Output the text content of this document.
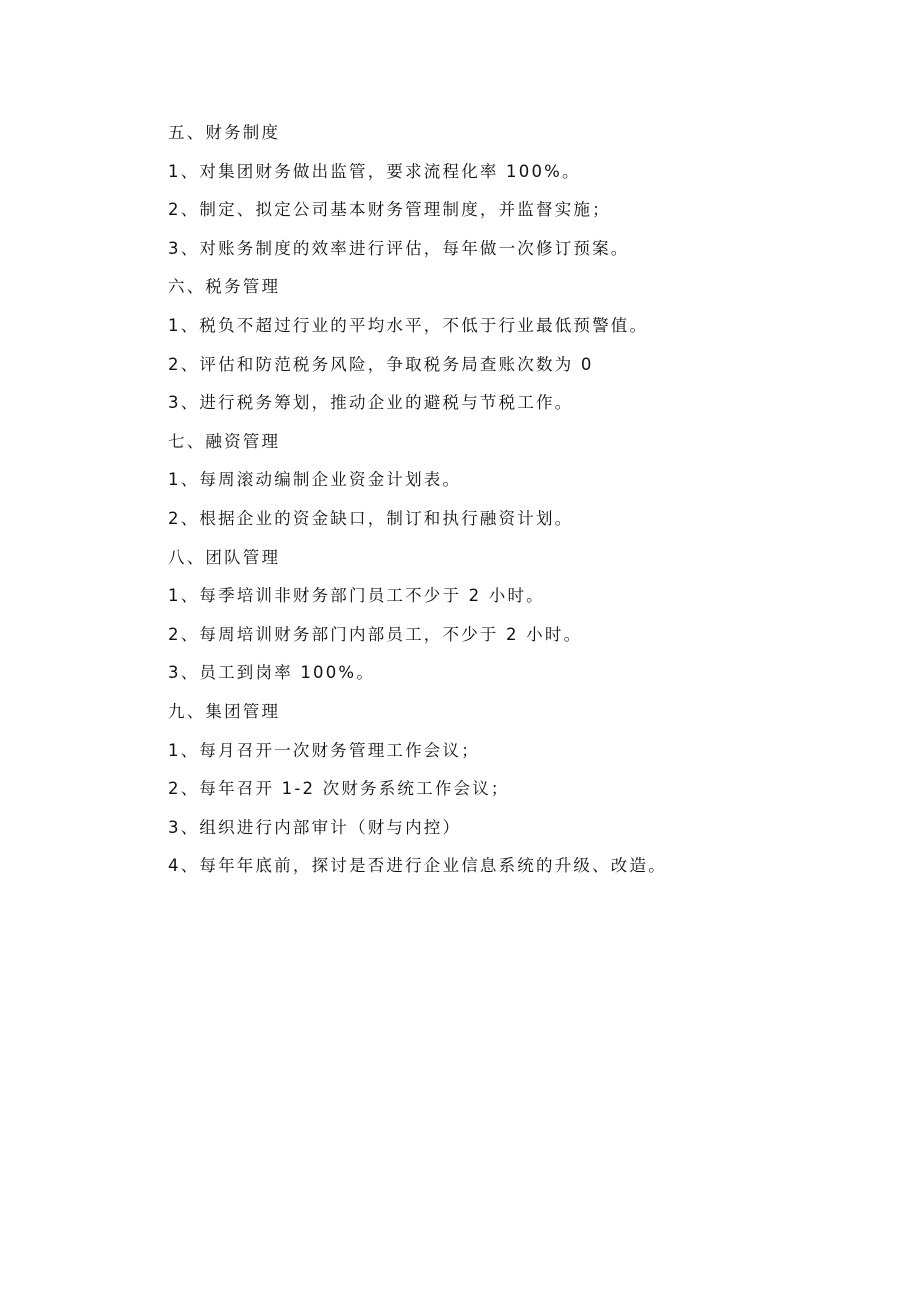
五、财务制度
1、对集团财务做出监管，要求流程化率 100%。
2、制定、拟定公司基本财务管理制度，并监督实施；
3、对账务制度的效率进行评估，每年做一次修订预案。
六、税务管理
1、税负不超过行业的平均水平，不低于行业最低预警值。
2、评估和防范税务风险，争取税务局查账次数为 0
3、进行税务筹划，推动企业的避税与节税工作。
七、融资管理
1、每周滚动编制企业资金计划表。
2、根据企业的资金缺口，制订和执行融资计划。
八、团队管理
1、每季培训非财务部门员工不少于 2 小时。
2、每周培训财务部门内部员工，不少于 2 小时。
3、员工到岗率 100%。
九、集团管理
1、每月召开一次财务管理工作会议；
2、每年召开 1-2 次财务系统工作会议；
3、组织进行内部审计（财与内控）
4、每年年底前，探讨是否进行企业信息系统的升级、改造。
